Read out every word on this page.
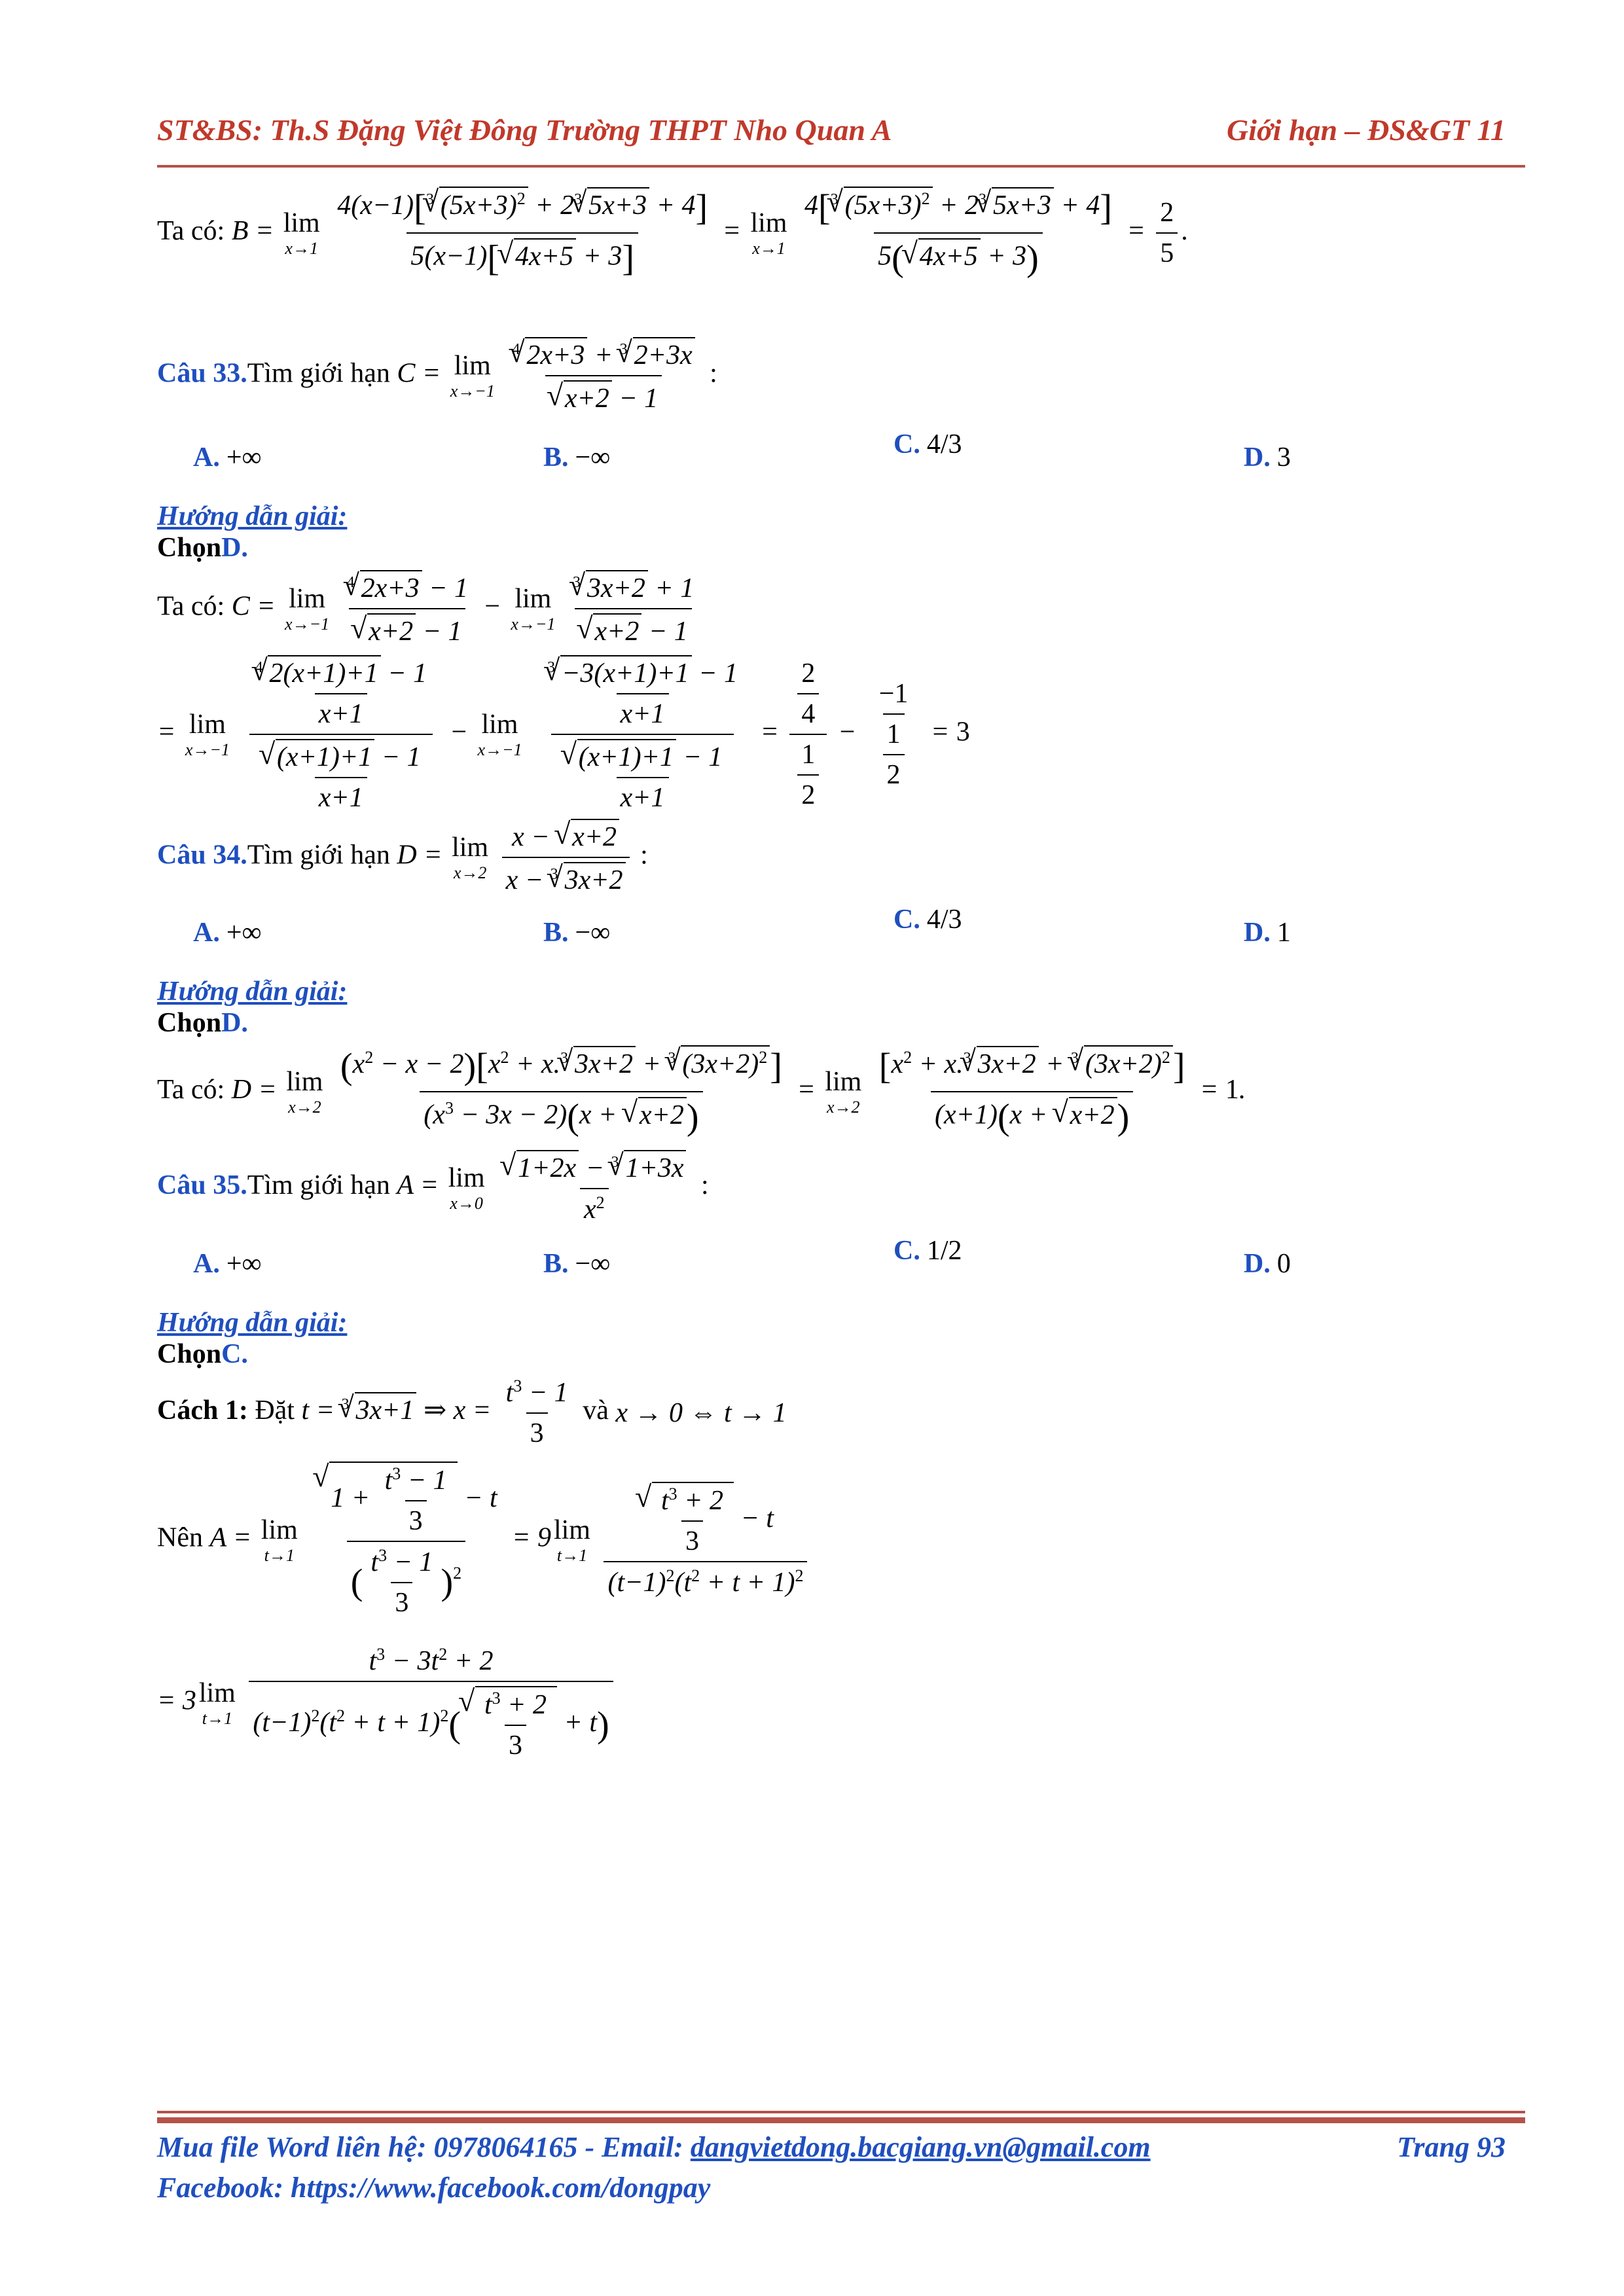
ST&BS: Th.S Đặng Việt Đông Trường THPT Nho Quan A	Giới hạn – ĐS&GT 11
Ta có: B = lim
x→1
$\frac{4(x-1)[^3√ (5x+3)^2 + 2^3√ 5x+3 + 4]}{5(x-1)[√ 4x+5 + 3]} = \lim$
x→1
$\frac{4[^3√ (5x+3)^2 + 2^3√ 5x+3 + 4]}{5(√ 4x+5 + 3)} = \frac{2}{5}$ .
Câu 33.Tìm giới hạn C = lim
x→−1
$^4$√ 2x+3 + $^3$√ 2+3x
√ x+2 − 1 :
A. +∞	B. −∞	C. 4/3	D. 3
Hướng dẫn giải:
ChọnD.
Ta có: C = lim
x→−1
$^4$√ 2x+3 − 1
√ x+2 − 1 − lim
x→−1
$^3$√ 3x+2 + 1
√ x+2 − 1
= lim
x→−1
$\frac{^4√ 2(x+1)+1 - 1}{x+1}$
√ $\frac{(x+1)+1 - 1}{x+1} - \lim$
x→−1
$\frac{^3√ -3(x+1)+1 - 1}{x+1}$
√ $\frac{(x+1)+1 - 1}{x+1} = \frac{\frac{2}{4}}{\frac{1}{2}} - \frac{\frac{-1}{1}}{2} = 3$
Câu 34.Tìm giới hạn D = lim
x→2
$\frac{x - √ x+2}{x - ^3√ 3x+2}$ :
A. +∞	B. −∞	C. 4/3	D. 1
Hướng dẫn giải:
ChọnD.
Ta có: D = lim
x→2
$\frac{(x^2 - x - 2)[x^2 + x.^3√ 3x+2 + ^3√ (3x+2)^2]}{(x^3 - 3x - 2)(x + √ x+2)} = \lim$
x→2
$\frac{[x^2 + x.^3√ 3x+2 + ^3√ (3x+2)^2]}{(x+1)(x + √ x+2)} = 1$.
Câu 35.Tìm giới hạn A = lim
x→0

√ $\frac{1+2x - ^3√ 1+3x}{x^2}$ :
A. +∞	B. −∞	C. 1/2	D. 0
Hướng dẫn giải:
ChọnC.
Cách 1: Đặt t = $^3$√ 3x+1 ⇒ $x = \frac{t^3 - 1}{3}$ và x → 0 ⇔ t → 1
Nên A = lim
t→1

√ $\frac{1 + \frac{t^3 - 1}{3} - t}{( \frac{t^3 - 1}{3} )^2} = 9$ lim
t→1

√ $\frac{\frac{t^3 + 2}{3} - t}{(t-1)^2(t^2 + t + 1)^2}$
= 3 lim
t→1
$t^3 - 3t^2 + 2$
$(t-1)^2(t^2 + t + 1)^2$(
√ $\frac{t^3 + 2}{3} + t$)
Mua file Word liên hệ: 0978064165 - Email: dangvietdong.bacgiang.vn@gmail.com	Trang 93
Facebook: https://www.facebook.com/dongpay
